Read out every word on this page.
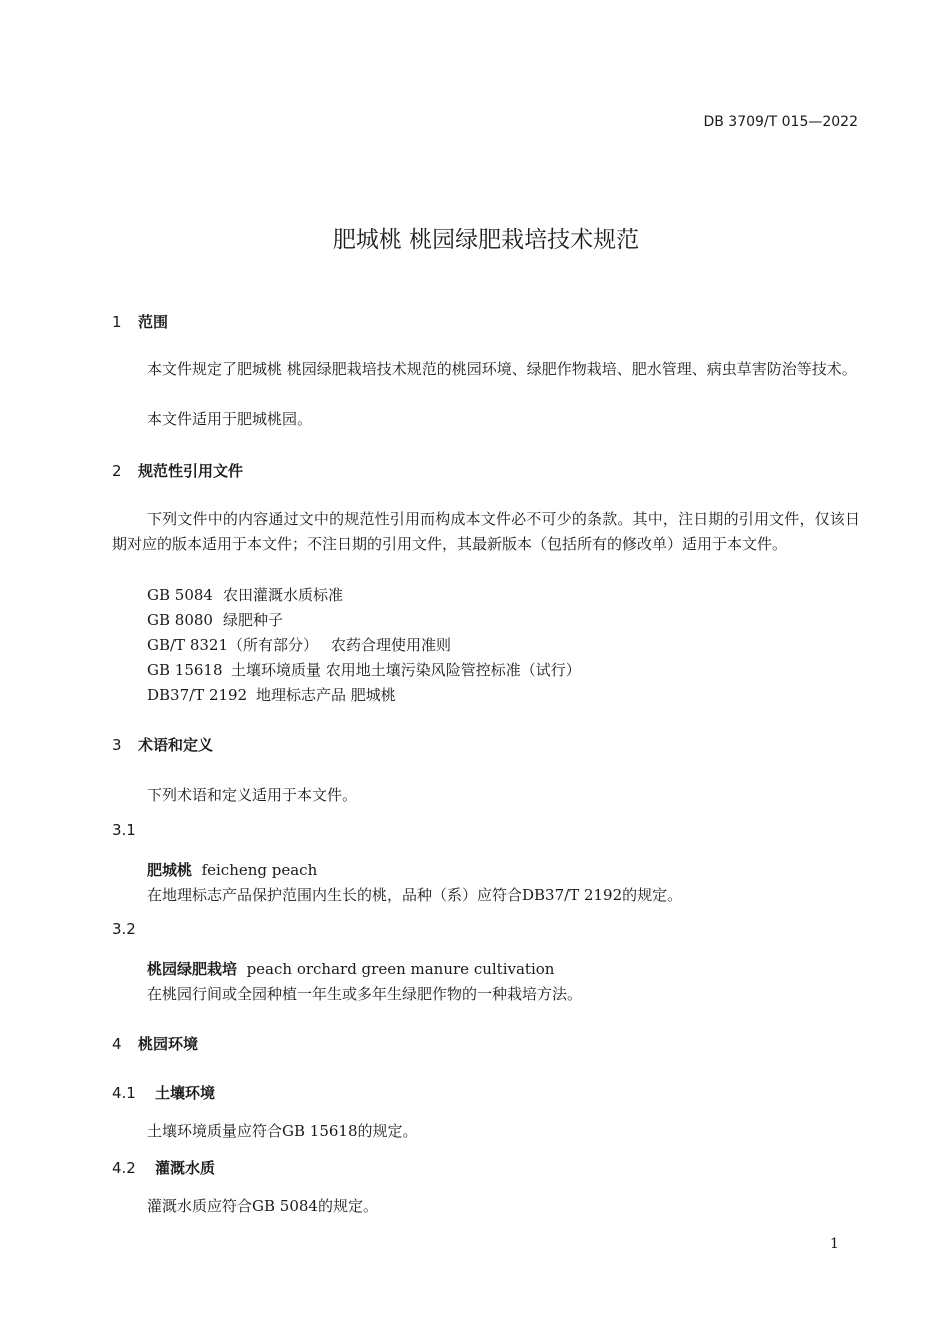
DB 3709/T 015—2022
肥城桃 桃园绿肥栽培技术规范
1 范围
本文件规定了肥城桃 桃园绿肥栽培技术规范的桃园环境、绿肥作物栽培、肥水管理、病虫草害防治等技术。
本文件适用于肥城桃园。
2 规范性引用文件
下列文件中的内容通过文中的规范性引用而构成本文件必不可少的条款。其中，注日期的引用文件，仅该日期对应的版本适用于本文件；不注日期的引用文件，其最新版本（包括所有的修改单）适用于本文件。
GB 5084 农田灌溉水质标准
GB 8080 绿肥种子
GB/T 8321（所有部分） 农药合理使用准则
GB 15618 土壤环境质量 农用地土壤污染风险管控标准（试行）
DB37/T 2192 地理标志产品 肥城桃
3 术语和定义
下列术语和定义适用于本文件。
3.1
肥城桃 feicheng peach
在地理标志产品保护范围内生长的桃，品种（系）应符合DB37/T 2192的规定。
3.2
桃园绿肥栽培 peach orchard green manure cultivation
在桃园行间或全园种植一年生或多年生绿肥作物的一种栽培方法。
4 桃园环境
4.1 土壤环境
土壤环境质量应符合GB 15618的规定。
4.2 灌溉水质
灌溉水质应符合GB 5084的规定。
1
